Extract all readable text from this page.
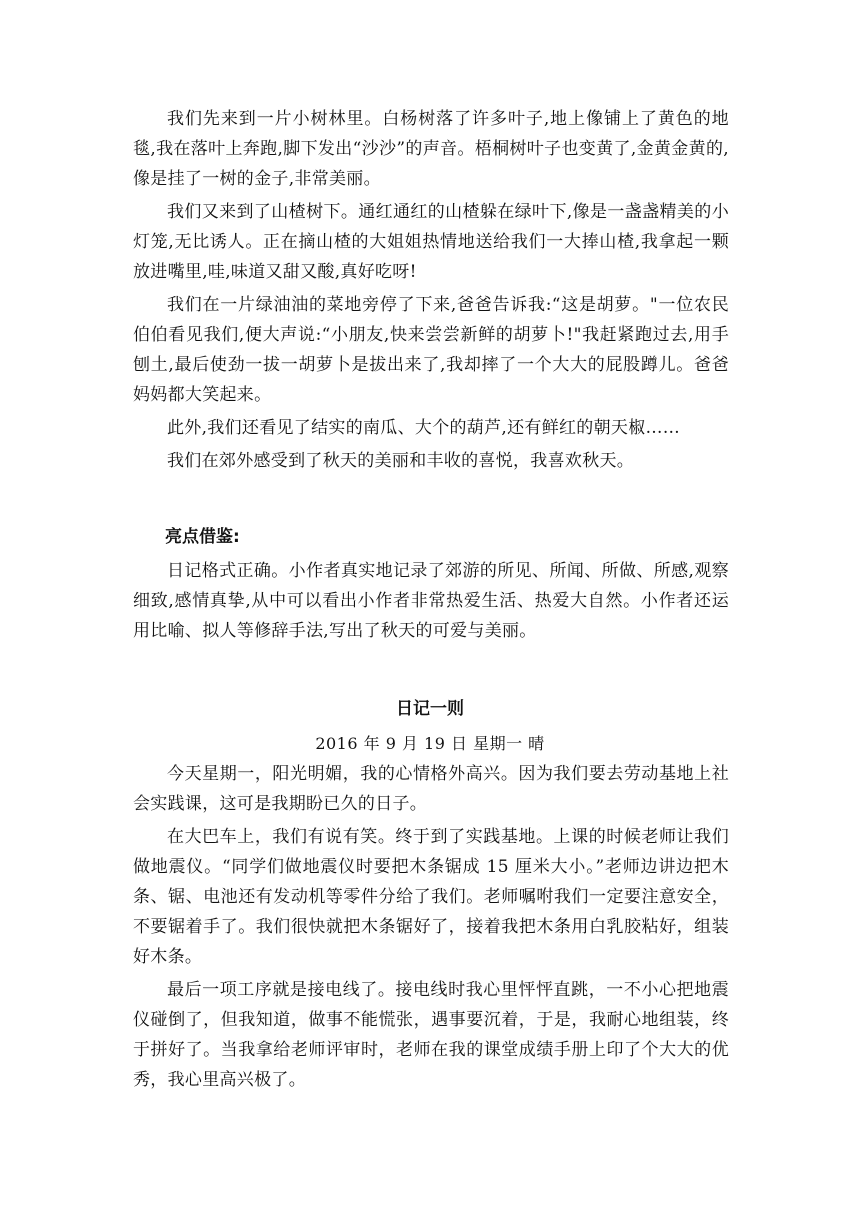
我们先来到一片小树林里。白杨树落了许多叶子,地上像铺上了黄色的地毯,我在落叶上奔跑,脚下发出“沙沙”的声音。梧桐树叶子也变黄了,金黄金黄的,像是挂了一树的金子,非常美丽。

我们又来到了山楂树下。通红通红的山楂躲在绿叶下,像是一盏盏精美的小灯笼,无比诱人。正在摘山楂的大姐姐热情地送给我们一大捧山楂,我拿起一颗放进嘴里,哇,味道又甜又酸,真好吃呀!

我们在一片绿油油的菜地旁停了下来,爸爸告诉我:“这是胡萝。"一位农民伯伯看见我们,便大声说:“小朋友,快来尝尝新鲜的胡萝卜!"我赶紧跑过去,用手刨土,最后使劲一拔一胡萝卜是拔出来了,我却摔了一个大大的屁股蹲儿。爸爸妈妈都大笑起来。

此外,我们还看见了结实的南瓜、大个的葫芦,还有鲜红的朝天椒……

我们在郊外感受到了秋天的美丽和丰收的喜悦，我喜欢秋天。

亮点借鉴:

日记格式正确。小作者真实地记录了郊游的所见、所闻、所做、所感,观察细致,感情真挚,从中可以看出小作者非常热爱生活、热爱大自然。小作者还运用比喻、拟人等修辞手法,写出了秋天的可爱与美丽。

日记一则

2016 年 9 月 19 日 星期一 晴

今天星期一，阳光明媚，我的心情格外高兴。因为我们要去劳动基地上社会实践课，这可是我期盼已久的日子。

在大巴车上，我们有说有笑。终于到了实践基地。上课的时候老师让我们做地震仪。“同学们做地震仪时要把木条锯成 15 厘米大小。”老师边讲边把木条、锯、电池还有发动机等零件分给了我们。老师嘱咐我们一定要注意安全，不要锯着手了。我们很快就把木条锯好了，接着我把木条用白乳胶粘好，组装好木条。

最后一项工序就是接电线了。接电线时我心里怦怦直跳，一不小心把地震仪碰倒了，但我知道，做事不能慌张，遇事要沉着，于是，我耐心地组装，终于拼好了。当我拿给老师评审时，老师在我的课堂成绩手册上印了个大大的优秀，我心里高兴极了。
